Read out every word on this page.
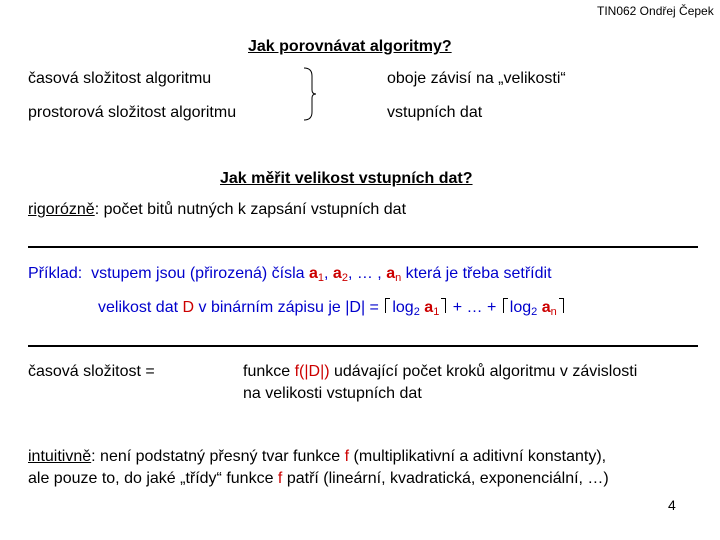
TIN062 Ondřej Čepek
Jak porovnávat algoritmy?
časová složitost algoritmu
prostorová složitost algoritmu
oboje závisí na „velikosti“
vstupních dat
Jak měřit velikost vstupních dat?
rigorózně: počet bitů nutných k zapsání vstupních dat
Příklad: vstupem jsou (přirozená) čísla $a_1$, $a_2$, … , $a_n$ která je třeba setřídit
velikost dat D v binárním zápisu je $|D| = \log_2 a_1$ + … + $\log_2 a_n$
časová složitost =	funkce f(|D|) udávající počet kroků algoritmu v závislosti
na velikosti vstupních dat
intuitivně: není podstatný přesný tvar funkce f (multiplikativní a aditivní konstanty),
ale pouze to, do jaké „třídy“ funkce f patří (lineární, kvadratická, exponenciální, …)
4
